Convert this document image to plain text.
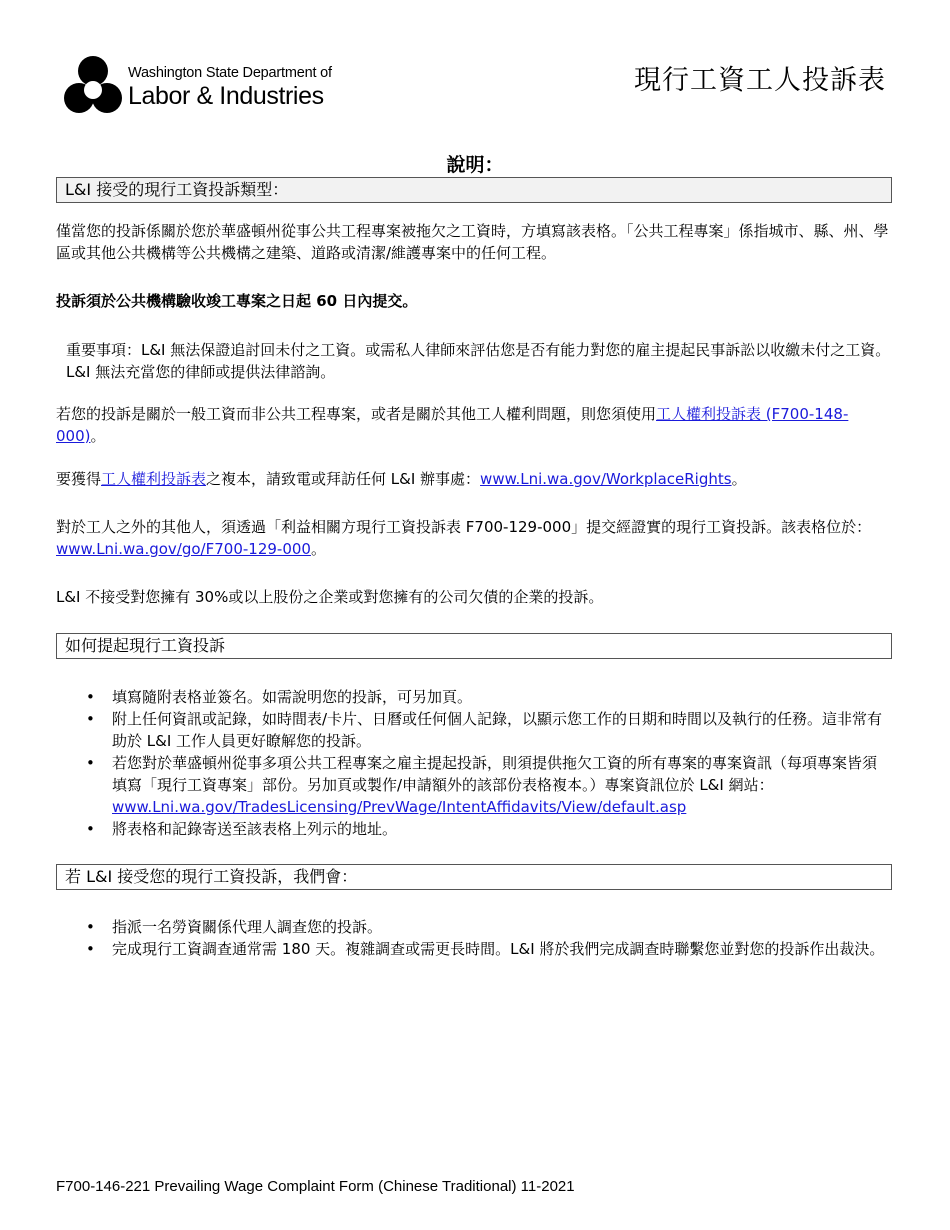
Washington State Department of
Labor & Industries	現行工資工人投訴表
說明：
L&I 接受的現行工資投訴類型：
僅當您的投訴係關於您於華盛頓州從事公共工程專案被拖欠之工資時，方填寫該表格。「公共工程專案」係指城市、縣、州、學區或其他公共機構等公共機構之建築、道路或清潔/維護專案中的任何工程。
投訴須於公共機構驗收竣工專案之日起 60 日內提交。
重要事項：L&I 無法保證追討回未付之工資。或需私人律師來評估您是否有能力對您的雇主提起民事訴訟以收繳未付之工資。L&I 無法充當您的律師或提供法律諮詢。
若您的投訴是關於一般工資而非公共工程專案，或者是關於其他工人權利問題，則您須使用工人權利投訴表 (F700-148-000)。
要獲得工人權利投訴表之複本，請致電或拜訪任何 L&I 辦事處：www.Lni.wa.gov/WorkplaceRights。
對於工人之外的其他人，須透過「利益相關方現行工資投訴表 F700-129-000」提交經證實的現行工資投訴。該表格位於：www.Lni.wa.gov/go/F700-129-000。
L&I 不接受對您擁有 30%或以上股份之企業或對您擁有的公司欠債的企業的投訴。
如何提起現行工資投訴
• 填寫隨附表格並簽名。如需說明您的投訴，可另加頁。
• 附上任何資訊或記錄，如時間表/卡片、日曆或任何個人記錄，以顯示您工作的日期和時間以及執行的任務。這非常有助於 L&I 工作人員更好瞭解您的投訴。
• 若您對於華盛頓州從事多項公共工程專案之雇主提起投訴，則須提供拖欠工資的所有專案的專案資訊（每項專案皆須填寫「現行工資專案」部份。另加頁或製作/申請額外的該部份表格複本。）專案資訊位於 L&I 網站：www.Lni.wa.gov/TradesLicensing/PrevWage/IntentAffidavits/View/default.asp
• 將表格和記錄寄送至該表格上列示的地址。
若 L&I 接受您的現行工資投訴，我們會：
• 指派一名勞資關係代理人調查您的投訴。
• 完成現行工資調查通常需 180 天。複雜調查或需更長時間。L&I 將於我們完成調查時聯繫您並對您的投訴作出裁決。
F700-146-221 Prevailing Wage Complaint Form (Chinese Traditional) 11-2021
